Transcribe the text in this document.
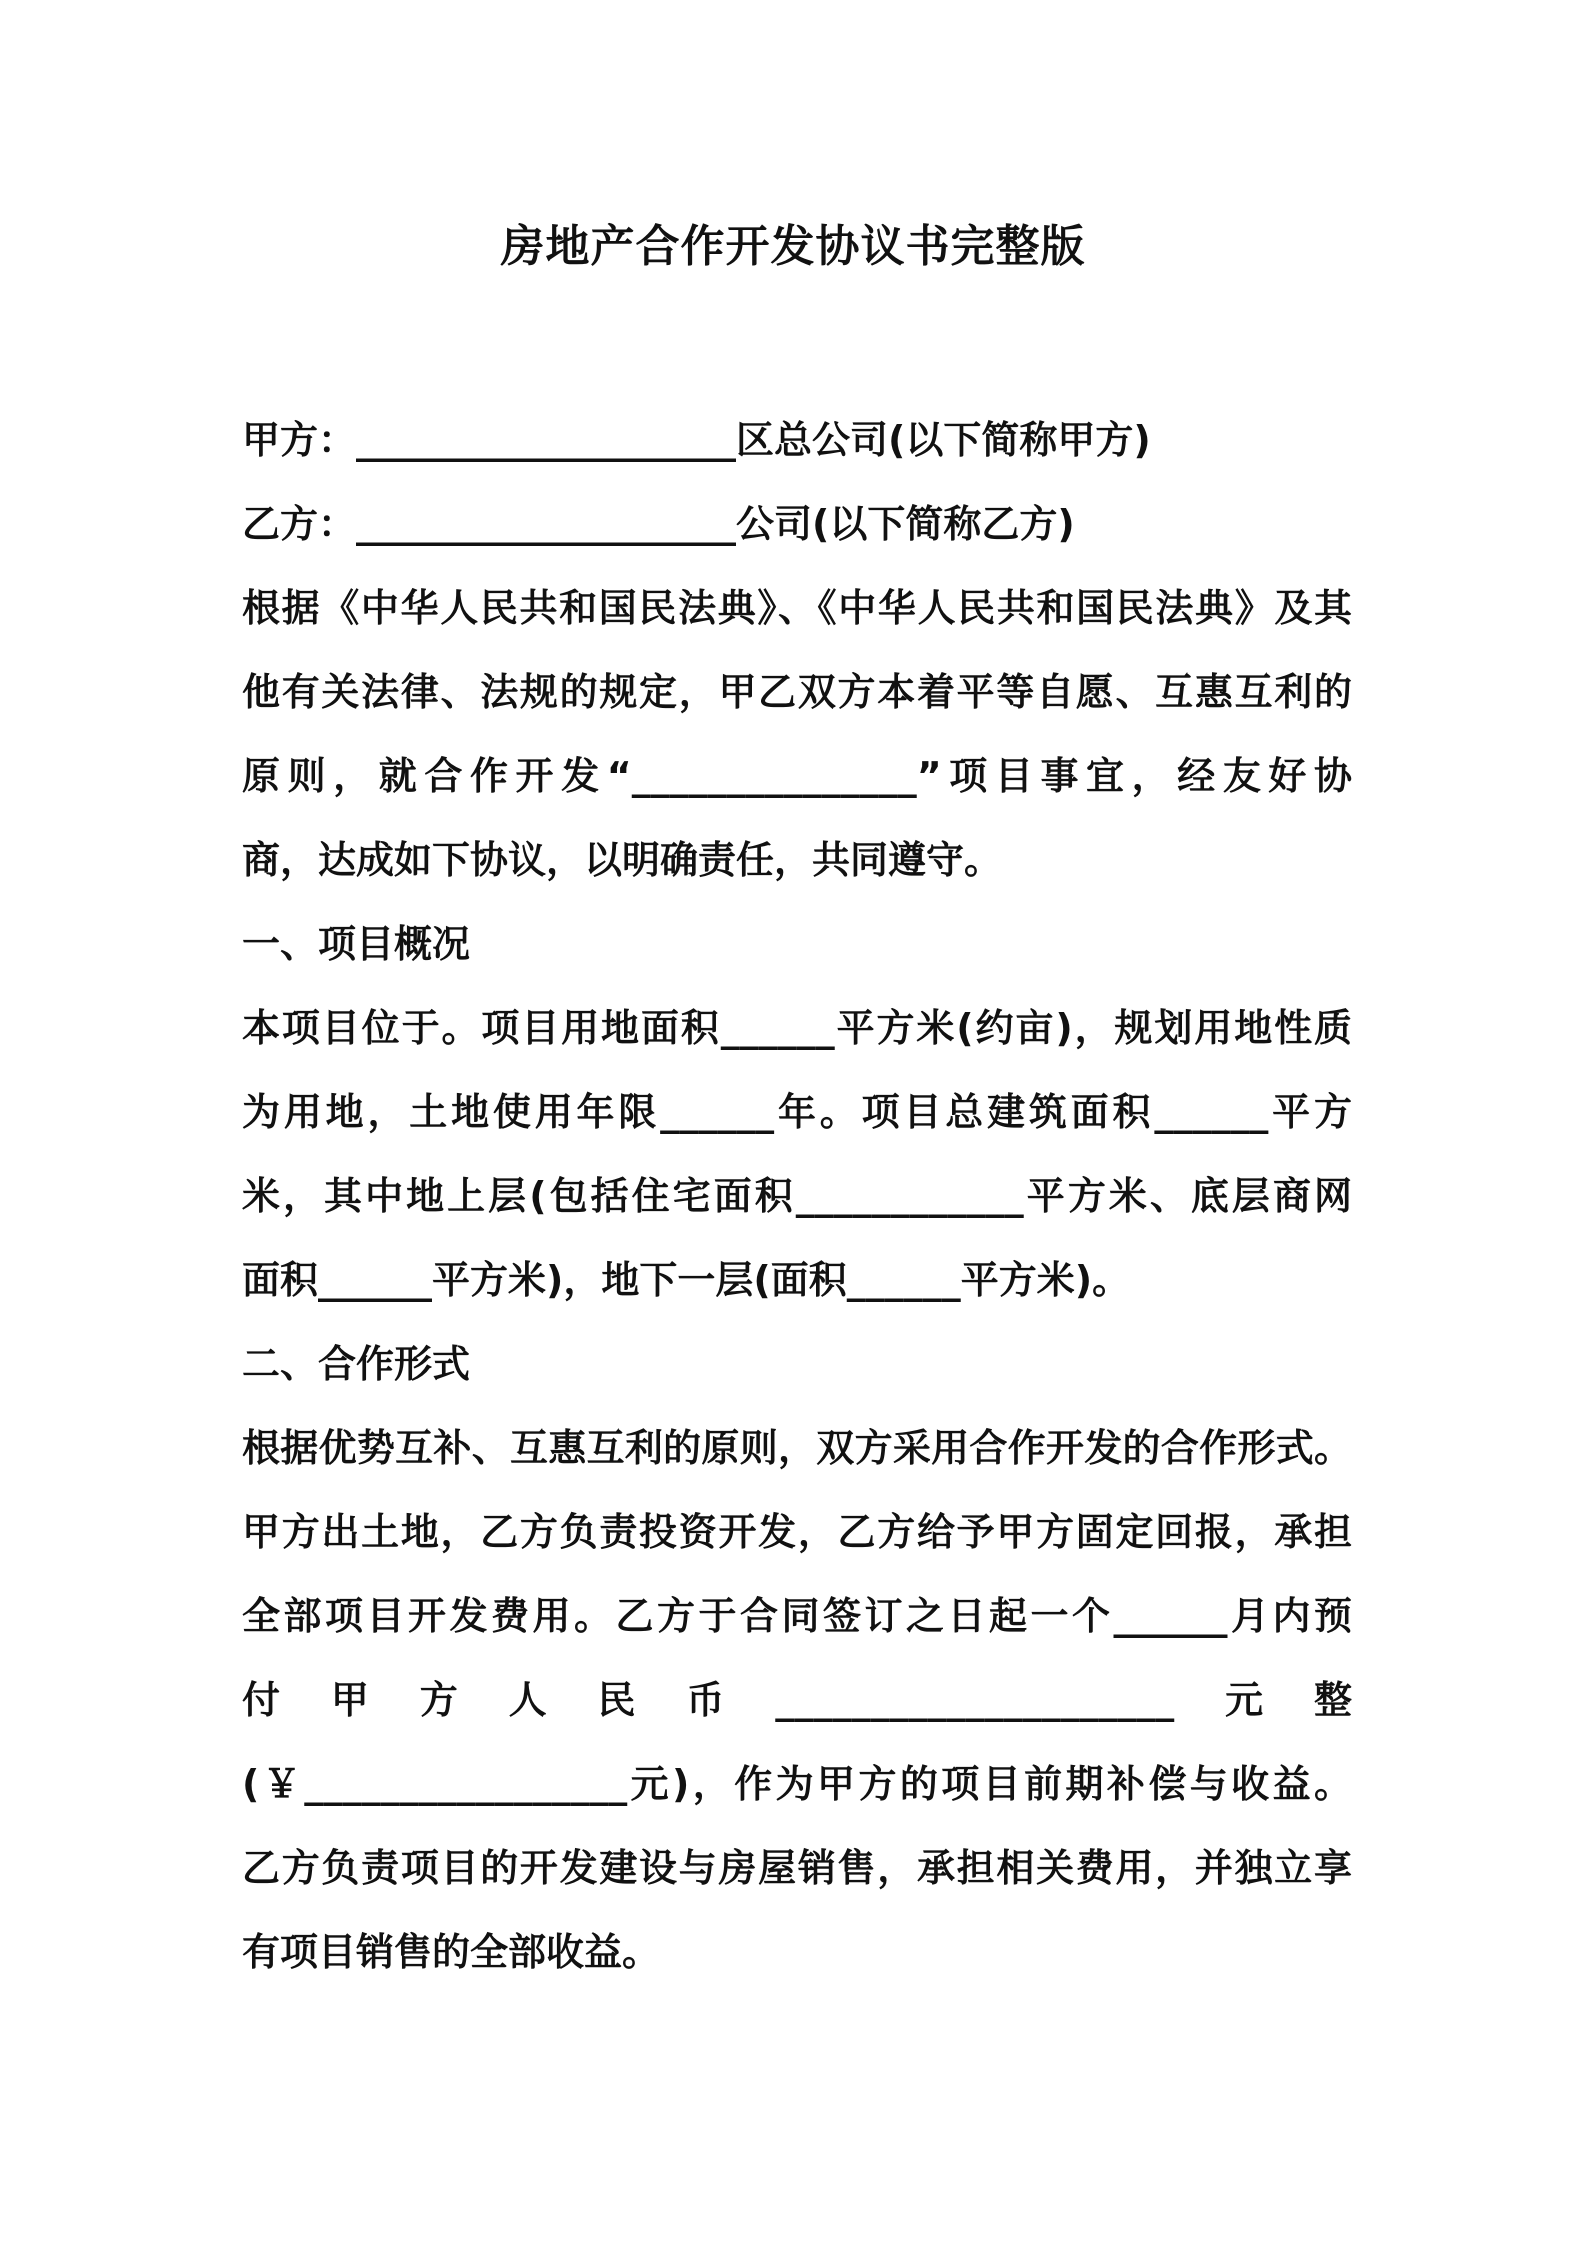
房地产合作开发协议书完整版
甲方：____________________区总公司(以下简称甲方)
乙方：____________________公司(以下简称乙方)
根据《中华人民共和国民法典》、《中华人民共和国民法典》及其
他有关法律、法规的规定，甲乙双方本着平等自愿、互惠互利的
原则，就合作开发“_______________”项目事宜，经友好协
商，达成如下协议，以明确责任，共同遵守。
一、项目概况
本项目位于。项目用地面积______平方米(约亩)，规划用地性质
为用地，土地使用年限______年。项目总建筑面积______平方
米，其中地上层(包括住宅面积____________平方米、底层商网
面积______平方米)，地下一层(面积______平方米)。
二、合作形式
根据优势互补、互惠互利的原则，双方采用合作开发的合作形式。
甲方出土地，乙方负责投资开发，乙方给予甲方固定回报，承担
全部项目开发费用。乙方于合同签订之日起一个______月内预
付 甲 方 人 民 币 _____________________ 元 整
(￥_________________元)，作为甲方的项目前期补偿与收益。
乙方负责项目的开发建设与房屋销售，承担相关费用，并独立享
有项目销售的全部收益。
